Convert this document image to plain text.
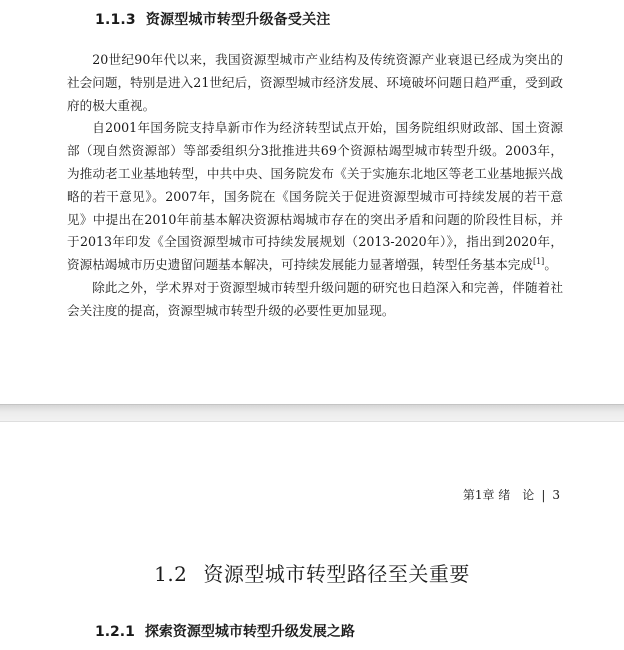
1.1.3 资源型城市转型升级备受关注

20世纪90年代以来，我国资源型城市产业结构及传统资源产业衰退已经成为突出的社会问题，特别是进入21世纪后，资源型城市经济发展、环境破坏问题日趋严重，受到政府的极大重视。

自2001年国务院支持阜新市作为经济转型试点开始，国务院组织财政部、国土资源部（现自然资源部）等部委组织分3批推进共69个资源枯竭型城市转型升级。2003年，为推动老工业基地转型，中共中央、国务院发布《关于实施东北地区等老工业基地振兴战略的若干意见》。2007年，国务院在《国务院关于促进资源型城市可持续发展的若干意见》中提出在2010年前基本解决资源枯竭城市存在的突出矛盾和问题的阶段性目标，并于2013年印发《全国资源型城市可持续发展规划（2013-2020年）》，指出到2020年，资源枯竭城市历史遗留问题基本解决，可持续发展能力显著增强，转型任务基本完成[1]。

除此之外，学术界对于资源型城市转型升级问题的研究也日趋深入和完善，伴随着社会关注度的提高，资源型城市转型升级的必要性更加显现。

第1章 绪　论 | 3
1.2 资源型城市转型路径至关重要
1.2.1 探索资源型城市转型升级发展之路
